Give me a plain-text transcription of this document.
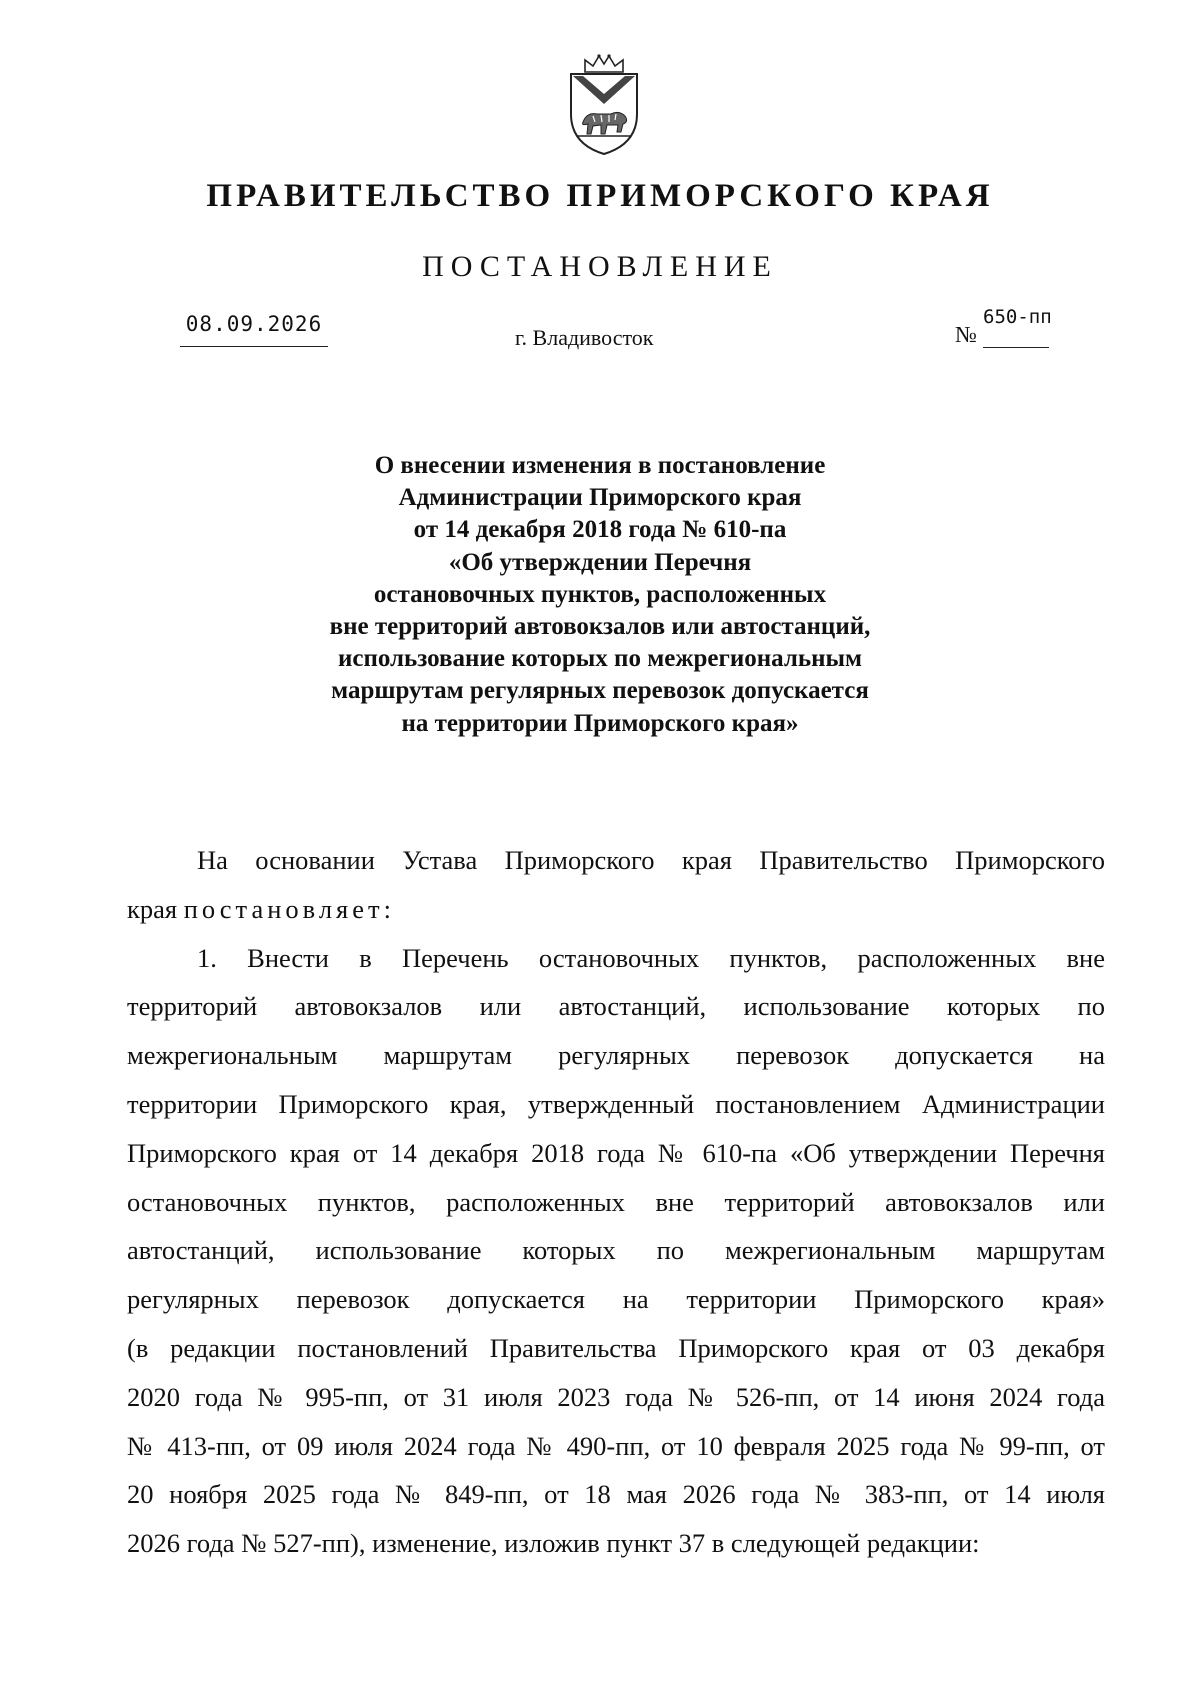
ПРАВИТЕЛЬСТВО ПРИМОРСКОГО КРАЯ
ПОСТАНОВЛЕНИЕ
08.09.2026
г. Владивосток	№
650-пп
О внесении изменения в постановление
Администрации Приморского края
от 14 декабря 2018 года № 610-па
«Об утверждении Перечня
остановочных пунктов, расположенных
вне территорий автовокзалов или автостанций,
использование которых по межрегиональным
маршрутам регулярных перевозок допускается
на территории Приморского края»
На основании Устава Приморского края Правительство Приморского
края постановляет:
1. Внести в Перечень остановочных пунктов, расположенных вне
территорий автовокзалов или автостанций, использование которых по
межрегиональным маршрутам регулярных перевозок допускается на
территории Приморского края, утвержденный постановлением Администрации
Приморского края от 14 декабря 2018 года № 610-па «Об утверждении Перечня
остановочных пунктов, расположенных вне территорий автовокзалов или
автостанций, использование которых по межрегиональным маршрутам
регулярных перевозок допускается на территории Приморского края»
(в редакции постановлений Правительства Приморского края от 03 декабря
2020 года № 995-пп, от 31 июля 2023 года № 526-пп, от 14 июня 2024 года
№ 413-пп, от 09 июля 2024 года № 490-пп, от 10 февраля 2025 года № 99-пп, от
20 ноября 2025 года № 849-пп, от 18 мая 2026 года № 383-пп, от 14 июля
2026 года № 527-пп), изменение, изложив пункт 37 в следующей редакции:
